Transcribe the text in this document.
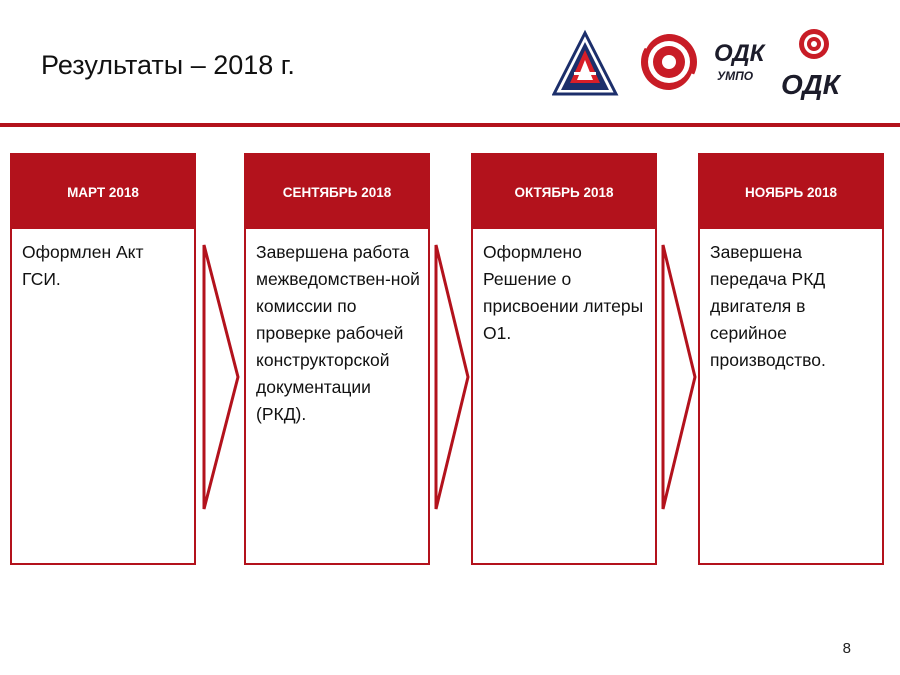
Результаты – 2018 г.	ОДК
УМПО ОДК
МАРТ 2018
Оформлен Акт ГСИ.
СЕНТЯБРЬ 2018
Завершена работа межведомствен-ной комиссии по проверке рабочей конструкторской документации (РКД).
ОКТЯБРЬ 2018
Оформлено Решение о присвоении литеры О1.
НОЯБРЬ 2018
Завершена передача РКД двигателя в серийное производство.
8
